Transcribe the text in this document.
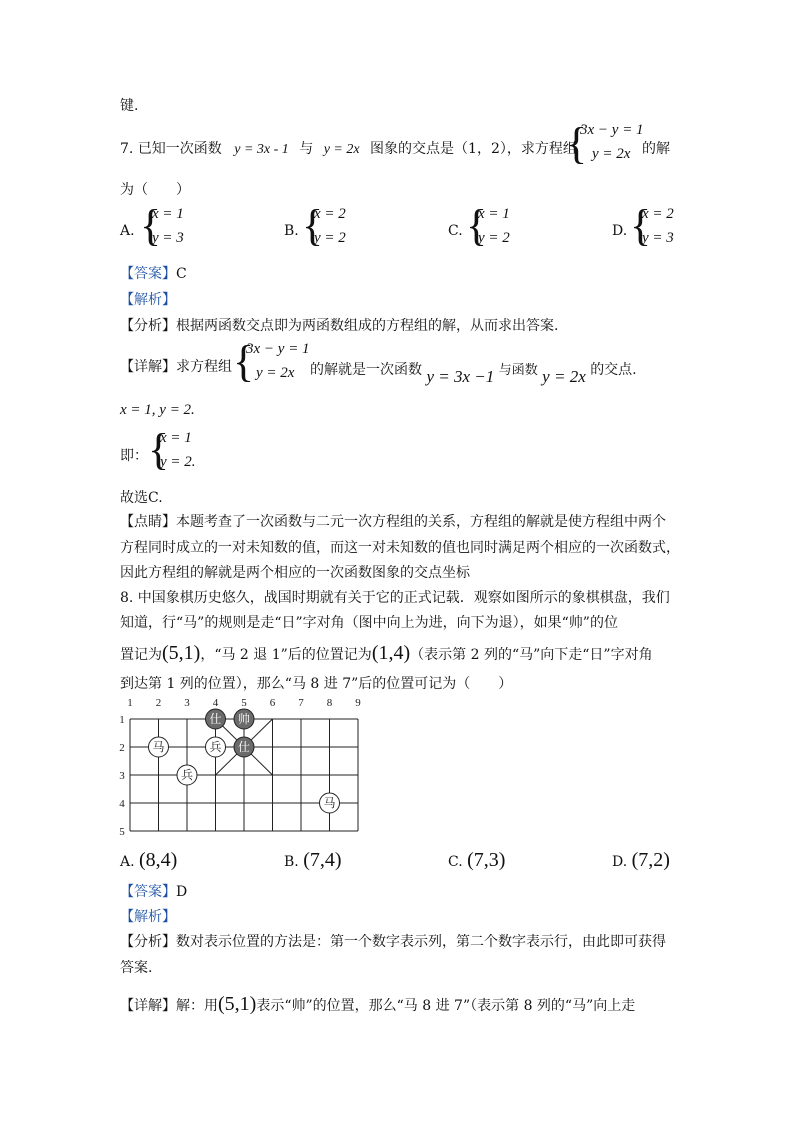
键.
7. 已知一次函数 y = 3x - 1 与 y = 2x 图象的交点是（1，2），求方程组
{
3x − y = 1
y = 2x 的解
为（　　）
A. {
x = 1
y = 3	B. {
x = 2
y = 2	C. {
x = 1
y = 2	D. {
x = 2
y = 3
【答案】C
【解析】
【分析】根据两函数交点即为两函数组成的方程组的解，从而求出答案.
【详解】求方程组 {
3x − y = 1
y = 2x 的解就是一次函数 y = 3x −1 与函数 y = 2x 的交点.
x = 1, y = 2.
即： {
x = 1
y = 2.
故选C.
【点睛】本题考查了一次函数与二元一次方程组的关系，方程组的解就是使方程组中两个
方程同时成立的一对未知数的值，而这一对未知数的值也同时满足两个相应的一次函数式，
因此方程组的解就是两个相应的一次函数图象的交点坐标
8. 中国象棋历史悠久，战国时期就有关于它的正式记载．观察如图所示的象棋棋盘，我们
知道，行“马”的规则是走“日”字对角（图中向上为进，向下为退），如果“帅”的位
置记为(5,1)，“马 2 退 1”后的位置记为(1,4)（表示第 2 列的“马”向下走“日”字对角
到达第 1 列的位置），那么“马 8 进 7”后的位置可记为（　　）
1 2 3 4 5 6 7 8 9
1
2
3
4
5
仕 帅
仕
马	兵
兵
马
A. (8,4)	B. (7,4)	C. (7,3)	D. (7,2)
【答案】D
【解析】
【分析】数对表示位置的方法是：第一个数字表示列，第二个数字表示行，由此即可获得
答案.
【详解】解：用(5,1)表示“帅”的位置，那么“马 8 进 7”（表示第 8 列的“马”向上走
